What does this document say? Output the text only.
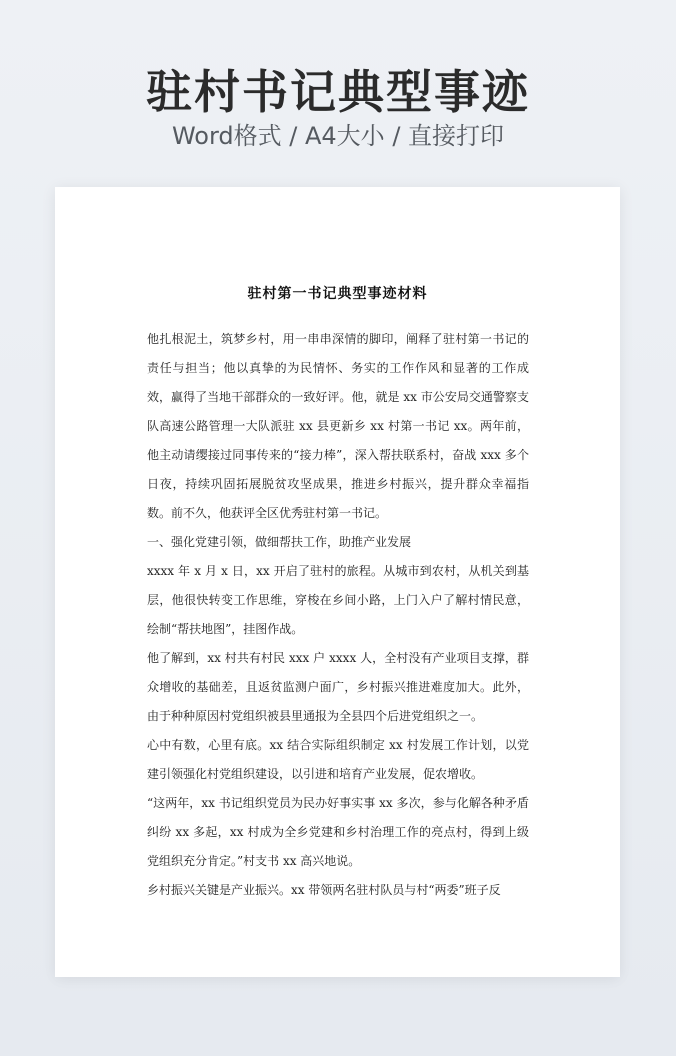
驻村书记典型事迹
Word格式 / A4大小 / 直接打印
驻村第一书记典型事迹材料

他扎根泥土，筑梦乡村，用一串串深情的脚印，阐释了驻村第一书记的责任与担当；他以真挚的为民情怀、务实的工作作风和显著的工作成效，赢得了当地干部群众的一致好评。他，就是 xx 市公安局交通警察支队高速公路管理一大队派驻 xx 县更新乡 xx 村第一书记 xx。两年前，他主动请缨接过同事传来的“接力棒”，深入帮扶联系村，奋战 xxx 多个日夜，持续巩固拓展脱贫攻坚成果，推进乡村振兴，提升群众幸福指数。前不久，他获评全区优秀驻村第一书记。

一、强化党建引领，做细帮扶工作，助推产业发展

xxxx 年 x 月 x 日，xx 开启了驻村的旅程。从城市到农村，从机关到基层，他很快转变工作思维，穿梭在乡间小路，上门入户了解村情民意，绘制“帮扶地图”，挂图作战。

他了解到，xx 村共有村民 xxx 户 xxxx 人，全村没有产业项目支撑，群众增收的基础差，且返贫监测户面广，乡村振兴推进难度加大。此外，由于种种原因村党组织被县里通报为全县四个后进党组织之一。

心中有数，心里有底。xx 结合实际组织制定 xx 村发展工作计划，以党建引领强化村党组织建设，以引进和培育产业发展，促农增收。

“这两年，xx 书记组织党员为民办好事实事 xx 多次，参与化解各种矛盾纠纷 xx 多起，xx 村成为全乡党建和乡村治理工作的亮点村，得到上级党组织充分肯定。”村支书 xx 高兴地说。

乡村振兴关键是产业振兴。xx 带领两名驻村队员与村“两委”班子反
